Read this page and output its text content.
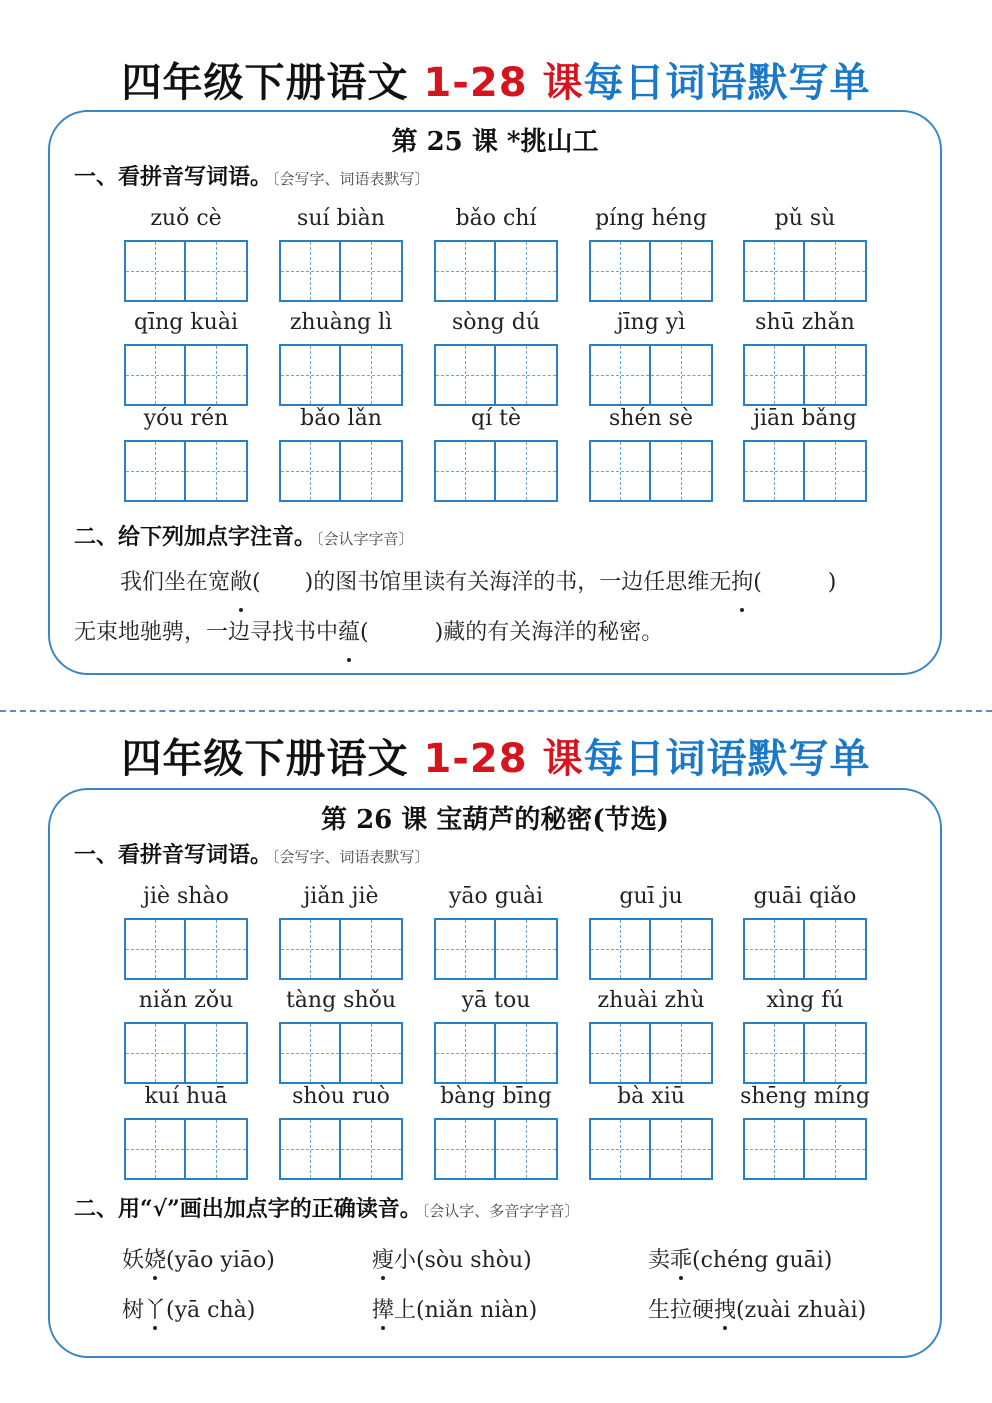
四年级下册语文 1-28 课每日词语默写单
第 25 课 *挑山工
一、看拼音写词语。〔会写字、词语表默写〕
zuǒ cè	suí biàn	bǎo chí	píng héng	pǔ sù
qīng kuài	zhuàng lì	sòng dú	jīng yì	shū zhǎn
yóu rén	bǎo lǎn	qí tè	shén sè	jiān bǎng
二、给下列加点字注音。〔会认字字音〕
我们坐在宽敞(　　)的图书馆里读有关海洋的书，一边任思维无拘(　　　)
无束地驰骋，一边寻找书中蕴(　　　)藏的有关海洋的秘密。
四年级下册语文 1-28 课每日词语默写单
第 26 课 宝葫芦的秘密(节选)
一、看拼音写词语。〔会写字、词语表默写〕
jiè shào	jiǎn jiè	yāo guài	guī ju	guāi qiǎo
niǎn zǒu	tàng shǒu	yā tou	zhuài zhù	xìng fú
kuí huā	shòu ruò	bàng bīng	bà xiū	shēng míng
二、用“√”画出加点字的正确读音。〔会认字、多音字字音〕
妖娆(yāo yiāo)	瘦小(sòu shòu)	卖乖(chéng guāi)
树丫(yā chà)	撵上(niǎn niàn)	生拉硬拽(zuài zhuài)
